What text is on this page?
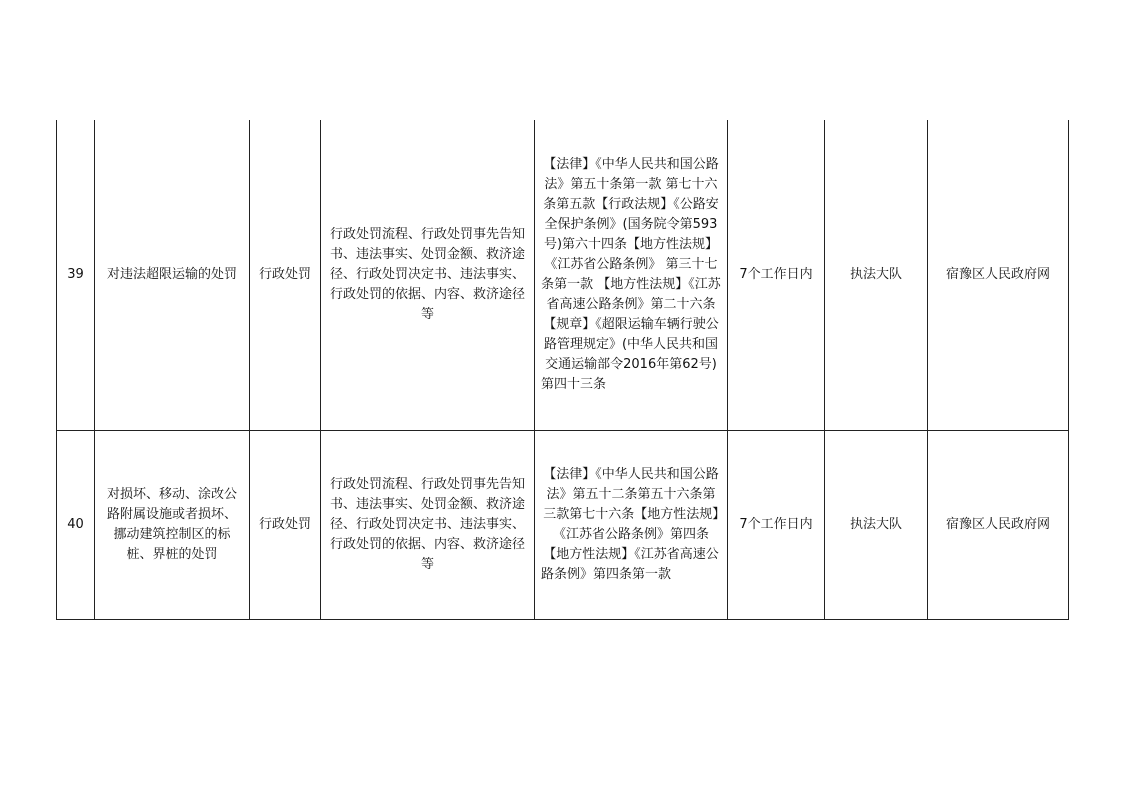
39	对违法超限运输的处罚	行政处罚	行政处罚流程、行政处罚事先告知书、违法事实、处罚金额、救济途径、行政处罚决定书、违法事实、行政处罚的依据、内容、救济途径等	【法律】《中华人民共和国公路法》第五十条第一款 第七十六条第五款【行政法规】《公路安全保护条例》(国务院令第593号)第六十四条【地方性法规】《江苏省公路条例》 第三十七条第一款 【地方性法规】《江苏省高速公路条例》第二十六条【规章】《超限运输车辆行驶公路管理规定》(中华人民共和国交通运输部令2016年第62号) 第四十三条	7个工作日内	执法大队	宿豫区人民政府网
40	对损坏、移动、涂改公路附属设施或者损坏、挪动建筑控制区的标桩、界桩的处罚	行政处罚	行政处罚流程、行政处罚事先告知书、违法事实、处罚金额、救济途径、行政处罚决定书、违法事实、行政处罚的依据、内容、救济途径等	【法律】《中华人民共和国公路法》第五十二条第五十六条第三款第七十六条【地方性法规】《江苏省公路条例》第四条【地方性法规】《江苏省高速公路条例》第四条第一款	7个工作日内	执法大队	宿豫区人民政府网
